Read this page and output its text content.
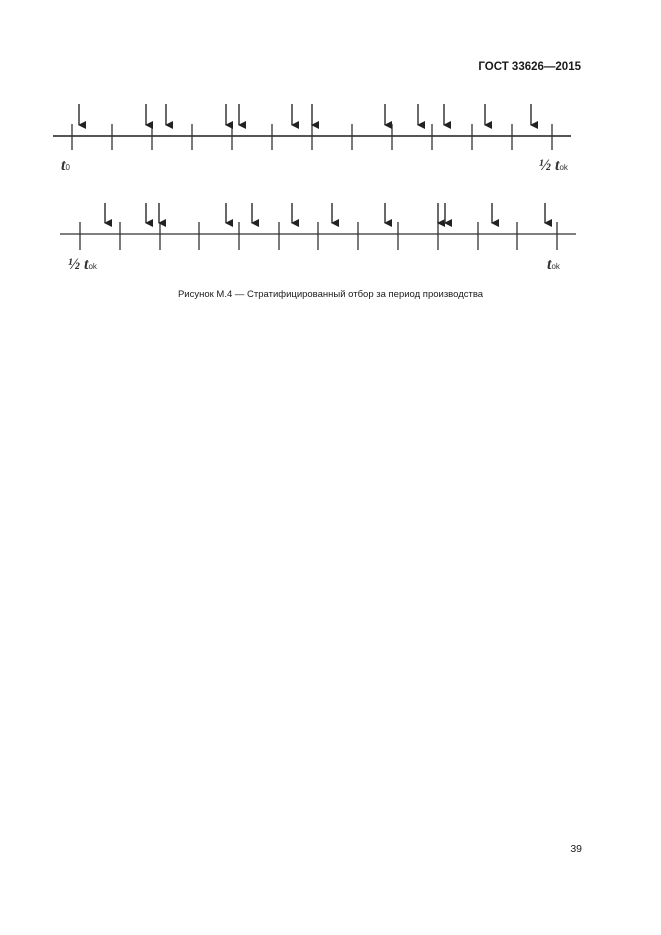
ГОСТ 33626—2015
t0	½ tok
½ tok	tok
Рисунок М.4 — Стратифицированный отбор за период производства
39
